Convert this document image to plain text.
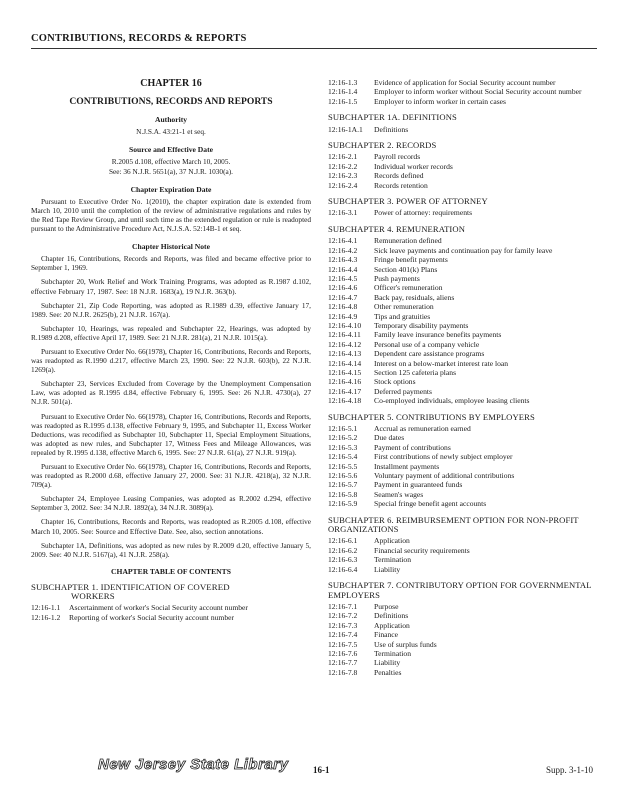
CONTRIBUTIONS, RECORDS & REPORTS
CHAPTER 16
CONTRIBUTIONS, RECORDS AND REPORTS
Authority
N.J.S.A. 43:21-1 et seq.
Source and Effective Date
R.2005 d.108, effective March 10, 2005.
See: 36 N.J.R. 5651(a), 37 N.J.R. 1030(a).
Chapter Expiration Date

Pursuant to Executive Order No. 1(2010), the chapter expiration date is extended from March 10, 2010 until the completion of the review of administrative regulations and rules by the Red Tape Review Group, and until such time as the extended regulation or rule is readopted pursuant to the Administrative Procedure Act, N.J.S.A. 52:14B-1 et seq.

Chapter Historical Note

Chapter 16, Contributions, Records and Reports, was filed and became effective prior to September 1, 1969.

Subchapter 20, Work Relief and Work Training Programs, was adopted as R.1987 d.102, effective February 17, 1987. See: 18 N.J.R. 1683(a), 19 N.J.R. 363(b).

Subchapter 21, Zip Code Reporting, was adopted as R.1989 d.39, effective January 17, 1989. See: 20 N.J.R. 2625(b), 21 N.J.R. 167(a).

Subchapter 10, Hearings, was repealed and Subchapter 22, Hearings, was adopted by R.1989 d.208, effective April 17, 1989. See: 21 N.J.R. 281(a), 21 N.J.R. 1015(a).

Pursuant to Executive Order No. 66(1978), Chapter 16, Contributions, Records and Reports, was readopted as R.1990 d.217, effective March 23, 1990. See: 22 N.J.R. 603(b), 22 N.J.R. 1269(a).

Subchapter 23, Services Excluded from Coverage by the Unemployment Compensation Law, was adopted as R.1995 d.84, effective February 6, 1995. See: 26 N.J.R. 4730(a), 27 N.J.R. 501(a).

Pursuant to Executive Order No. 66(1978), Chapter 16, Contributions, Records and Reports, was readopted as R.1995 d.138, effective February 9, 1995, and Subchapter 11, Excess Worker Deductions, was recodified as Subchapter 10, Subchapter 11, Special Employment Situations, was adopted as new rules, and Subchapter 17, Witness Fees and Mileage Allowances, was repealed by R.1995 d.138, effective March 6, 1995. See: 27 N.J.R. 61(a), 27 N.J.R. 919(a).

Pursuant to Executive Order No. 66(1978), Chapter 16, Contributions, Records and Reports, was readopted as R.2000 d.68, effective January 27, 2000. See: 31 N.J.R. 4218(a), 32 N.J.R. 709(a).

Subchapter 24, Employee Leasing Companies, was adopted as R.2002 d.294, effective September 3, 2002. See: 34 N.J.R. 1892(a), 34 N.J.R. 3089(a).

Chapter 16, Contributions, Records and Reports, was readopted as R.2005 d.108, effective March 10, 2005. See: Source and Effective Date. See, also, section annotations.

Subchapter 1A, Definitions, was adopted as new rules by R.2009 d.20, effective January 5, 2009. See: 40 N.J.R. 5167(a), 41 N.J.R. 258(a).

CHAPTER TABLE OF CONTENTS
SUBCHAPTER 1. IDENTIFICATION OF COVERED
WORKERS
12:16-1.1	Ascertainment of worker's Social Security account number
12:16-1.2	Reporting of worker's Social Security account number
12:16-1.3	Evidence of application for Social Security account number
12:16-1.4	Employer to inform worker without Social Security account number
12:16-1.5	Employer to inform worker in certain cases
SUBCHAPTER 1A. DEFINITIONS
12:16-1A.1	Definitions
SUBCHAPTER 2. RECORDS
12:16-2.1	Payroll records
12:16-2.2	Individual worker records
12:16-2.3	Records defined
12:16-2.4	Records retention
SUBCHAPTER 3. POWER OF ATTORNEY
12:16-3.1	Power of attorney: requirements
SUBCHAPTER 4. REMUNERATION
12:16-4.1	Remuneration defined
12:16-4.2	Sick leave payments and continuation pay for family leave
12:16-4.3	Fringe benefit payments
12:16-4.4	Section 401(k) Plans
12:16-4.5	Push payments
12:16-4.6	Officer's remuneration
12:16-4.7	Back pay, residuals, aliens
12:16-4.8	Other remuneration
12:16-4.9	Tips and gratuities
12:16-4.10	Temporary disability payments
12:16-4.11	Family leave insurance benefits payments
12:16-4.12	Personal use of a company vehicle
12:16-4.13	Dependent care assistance programs
12:16-4.14	Interest on a below-market interest rate loan
12:16-4.15	Section 125 cafeteria plans
12:16-4.16	Stock options
12:16-4.17	Deferred payments
12:16-4.18	Co-employed individuals, employee leasing clients
SUBCHAPTER 5. CONTRIBUTIONS BY EMPLOYERS
12:16-5.1	Accrual as remuneration earned
12:16-5.2	Due dates
12:16-5.3	Payment of contributions
12:16-5.4	First contributions of newly subject employer
12:16-5.5	Installment payments
12:16-5.6	Voluntary payment of additional contributions
12:16-5.7	Payment in guaranteed funds
12:16-5.8	Seamen's wages
12:16-5.9	Special fringe benefit agent accounts
SUBCHAPTER 6. REIMBURSEMENT OPTION FOR NON-PROFIT ORGANIZATIONS
12:16-6.1	Application
12:16-6.2	Financial security requirements
12:16-6.3	Termination
12:16-6.4	Liability
SUBCHAPTER 7. CONTRIBUTORY OPTION FOR GOVERNMENTAL EMPLOYERS
12:16-7.1	Purpose
12:16-7.2	Definitions
12:16-7.3	Application
12:16-7.4	Finance
12:16-7.5	Use of surplus funds
12:16-7.6	Termination
12:16-7.7	Liability
12:16-7.8	Penalties
New Jersey State Library	16-1	Supp. 3-1-10
